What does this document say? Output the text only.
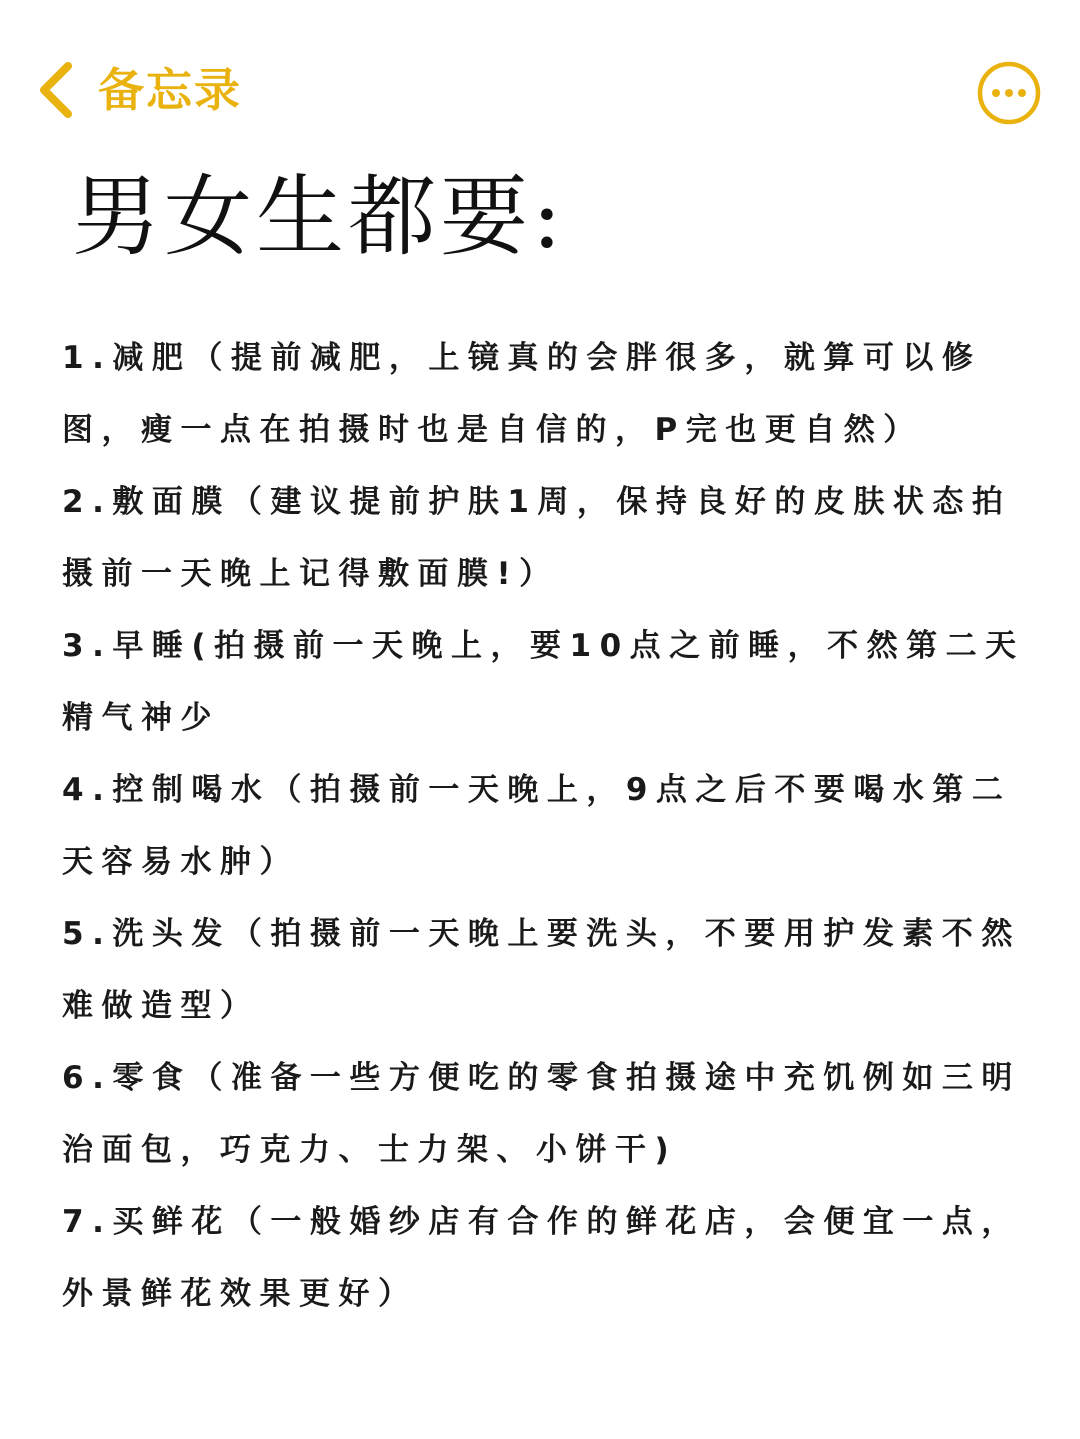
备忘录
男女生都要:

1.减肥（提前减肥，上镜真的会胖很多，就算可以修图，瘦一点在拍摄时也是自信的，P完也更自然）

2.敷面膜（建议提前护肤1周，保持良好的皮肤状态拍摄前一天晚上记得敷面膜!）

3.早睡(拍摄前一天晚上，要10点之前睡，不然第二天精气神少

4.控制喝水（拍摄前一天晚上，9点之后不要喝水第二天容易水肿）

5.洗头发（拍摄前一天晚上要洗头，不要用护发素不然难做造型）

6.零食（准备一些方便吃的零食拍摄途中充饥例如三明治面包，巧克力、士力架、小饼干)

7.买鲜花（一般婚纱店有合作的鲜花店，会便宜一点，外景鲜花效果更好）
